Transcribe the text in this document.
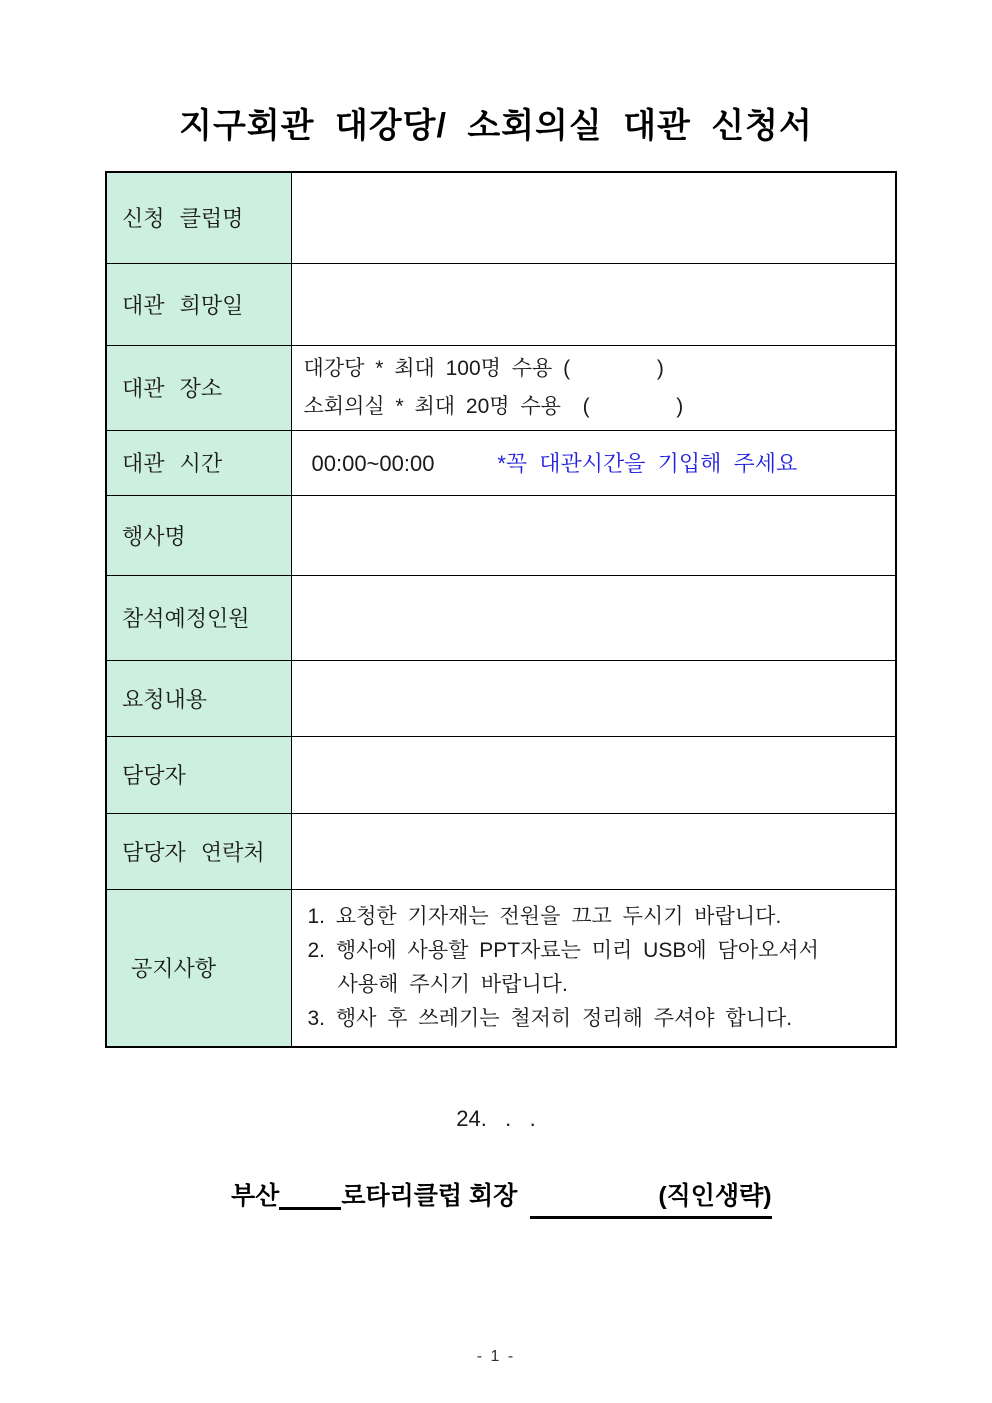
지구회관 대강당/ 소회의실 대관 신청서
신청 클럽명	
대관 희망일	
대관 장소	대강당 * 최대 100명 수용 (        )
소회의실 * 최대 20명 수용  (        )

대관 시간	00:00~00:00 *꼭 대관시간을 기입해 주세요
행사명	
참석예정인원	
요청내용	
담당자	
담당자 연락처	
공지사항	1. 요청한 기자재는 전원을 끄고 두시기 바랍니다.
2. 행사에 사용할 PPT자료는 미리 USB에 담아오셔서
사용해 주시기 바랍니다.
3. 행사 후 쓰레기는 철저히 정리해 주셔야 합니다.
24.   .   .
부산 로타리클럽 회장	(직인생략)
- 1 -
